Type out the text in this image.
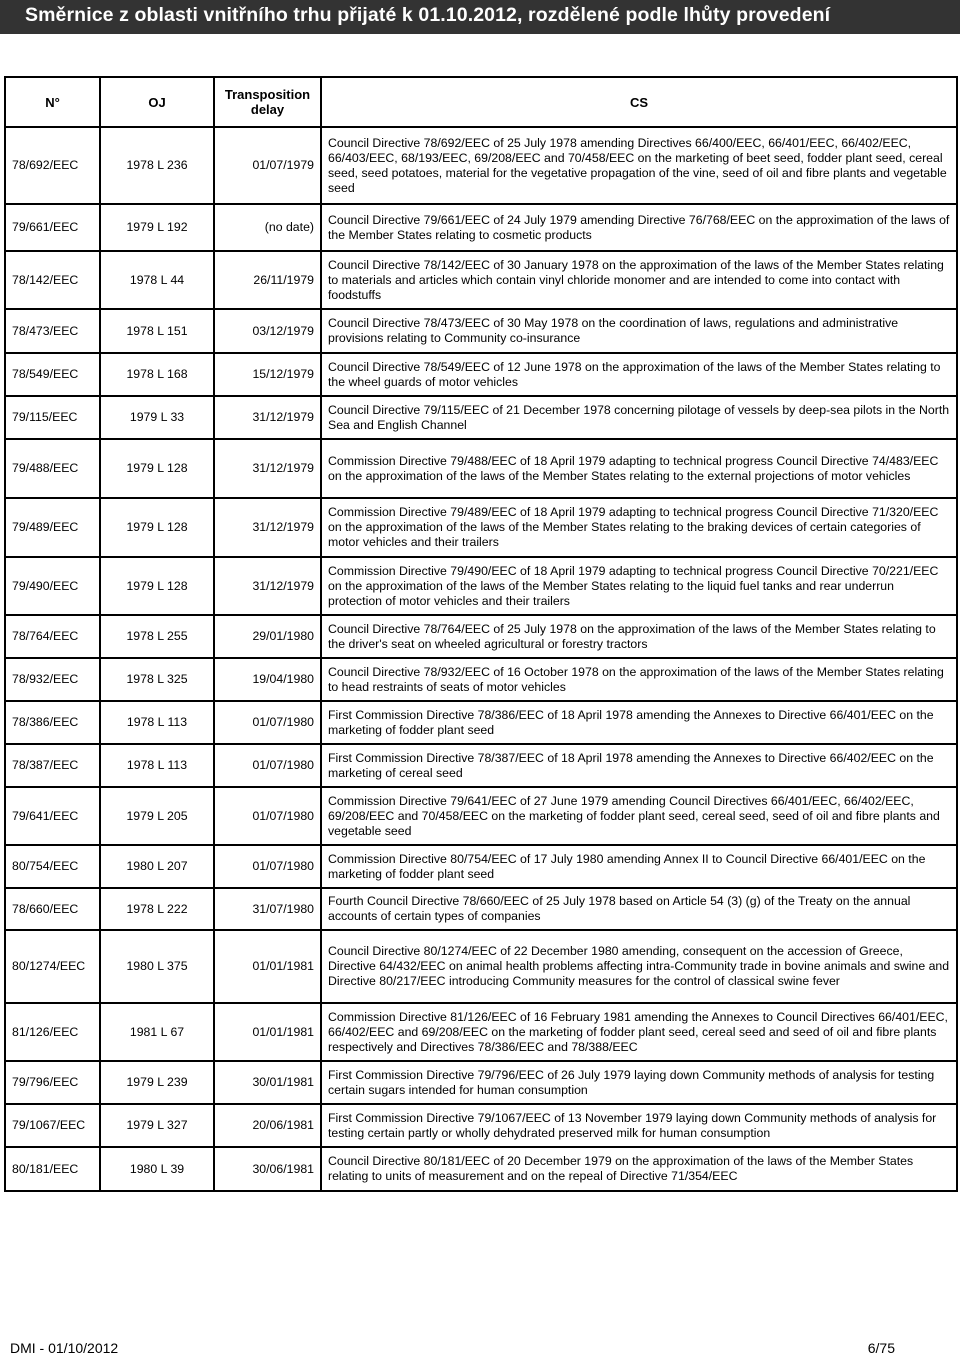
Směrnice z oblasti vnitřního trhu přijaté k 01.10.2012, rozdělené podle lhůty provedení
N°	OJ	Transposition delay	CS
78/692/EEC	1978 L 236	01/07/1979	Council Directive 78/692/EEC of 25 July 1978 amending Directives 66/400/EEC, 66/401/EEC, 66/402/EEC, 66/403/EEC, 68/193/EEC, 69/208/EEC and 70/458/EEC on the marketing of beet seed, fodder plant seed, cereal seed, seed potatoes, material for the vegetative propagation of the vine, seed of oil and fibre plants and vegetable seed
79/661/EEC	1979 L 192	(no date)	Council Directive 79/661/EEC of 24 July 1979 amending Directive 76/768/EEC on the approximation of the laws of the Member States relating to cosmetic products
78/142/EEC	1978 L 44	26/11/1979	Council Directive 78/142/EEC of 30 January 1978 on the approximation of the laws of the Member States relating to materials and articles which contain vinyl chloride monomer and are intended to come into contact with foodstuffs
78/473/EEC	1978 L 151	03/12/1979	Council Directive 78/473/EEC of 30 May 1978 on the coordination of laws, regulations and administrative provisions relating to Community co-insurance
78/549/EEC	1978 L 168	15/12/1979	Council Directive 78/549/EEC of 12 June 1978 on the approximation of the laws of the Member States relating to the wheel guards of motor vehicles
79/115/EEC	1979 L 33	31/12/1979	Council Directive 79/115/EEC of 21 December 1978 concerning pilotage of vessels by deep-sea pilots in the North Sea and English Channel
79/488/EEC	1979 L 128	31/12/1979	Commission Directive 79/488/EEC of 18 April 1979 adapting to technical progress Council Directive 74/483/EEC on the approximation of the laws of the Member States relating to the external projections of motor vehicles
79/489/EEC	1979 L 128	31/12/1979	Commission Directive 79/489/EEC of 18 April 1979 adapting to technical progress Council Directive 71/320/EEC on the approximation of the laws of the Member States relating to the braking devices of certain categories of motor vehicles and their trailers
79/490/EEC	1979 L 128	31/12/1979	Commission Directive 79/490/EEC of 18 April 1979 adapting to technical progress Council Directive 70/221/EEC on the approximation of the laws of the Member States relating to the liquid fuel tanks and rear underrun protection of motor vehicles and their trailers
78/764/EEC	1978 L 255	29/01/1980	Council Directive 78/764/EEC of 25 July 1978 on the approximation of the laws of the Member States relating to the driver's seat on wheeled agricultural or forestry tractors
78/932/EEC	1978 L 325	19/04/1980	Council Directive 78/932/EEC of 16 October 1978 on the approximation of the laws of the Member States relating to head restraints of seats of motor vehicles
78/386/EEC	1978 L 113	01/07/1980	First Commission Directive 78/386/EEC of 18 April 1978 amending the Annexes to Directive 66/401/EEC on the marketing of fodder plant seed
78/387/EEC	1978 L 113	01/07/1980	First Commission Directive 78/387/EEC of 18 April 1978 amending the Annexes to Directive 66/402/EEC on the marketing of cereal seed
79/641/EEC	1979 L 205	01/07/1980	Commission Directive 79/641/EEC of 27 June 1979 amending Council Directives 66/401/EEC, 66/402/EEC, 69/208/EEC and 70/458/EEC on the marketing of fodder plant seed, cereal seed, seed of oil and fibre plants and vegetable seed
80/754/EEC	1980 L 207	01/07/1980	Commission Directive 80/754/EEC of 17 July 1980 amending Annex II to Council Directive 66/401/EEC on the marketing of fodder plant seed
78/660/EEC	1978 L 222	31/07/1980	Fourth Council Directive 78/660/EEC of 25 July 1978 based on Article 54 (3) (g) of the Treaty on the annual accounts of certain types of companies
80/1274/EEC	1980 L 375	01/01/1981	Council Directive 80/1274/EEC of 22 December 1980 amending, consequent on the accession of Greece, Directive 64/432/EEC on animal health problems affecting intra-Community trade in bovine animals and swine and Directive 80/217/EEC introducing Community measures for the control of classical swine fever
81/126/EEC	1981 L 67	01/01/1981	Commission Directive 81/126/EEC of 16 February 1981 amending the Annexes to Council Directives 66/401/EEC, 66/402/EEC and 69/208/EEC on the marketing of fodder plant seed, cereal seed and seed of oil and fibre plants respectively and Directives 78/386/EEC and 78/388/EEC
79/796/EEC	1979 L 239	30/01/1981	First Commission Directive 79/796/EEC of 26 July 1979 laying down Community methods of analysis for testing certain sugars intended for human consumption
79/1067/EEC	1979 L 327	20/06/1981	First Commission Directive 79/1067/EEC of 13 November 1979 laying down Community methods of analysis for testing certain partly or wholly dehydrated preserved milk for human consumption
80/181/EEC	1980 L 39	30/06/1981	Council Directive 80/181/EEC of 20 December 1979 on the approximation of the laws of the Member States relating to units of measurement and on the repeal of Directive 71/354/EEC
DMI - 01/10/2012	6/75
